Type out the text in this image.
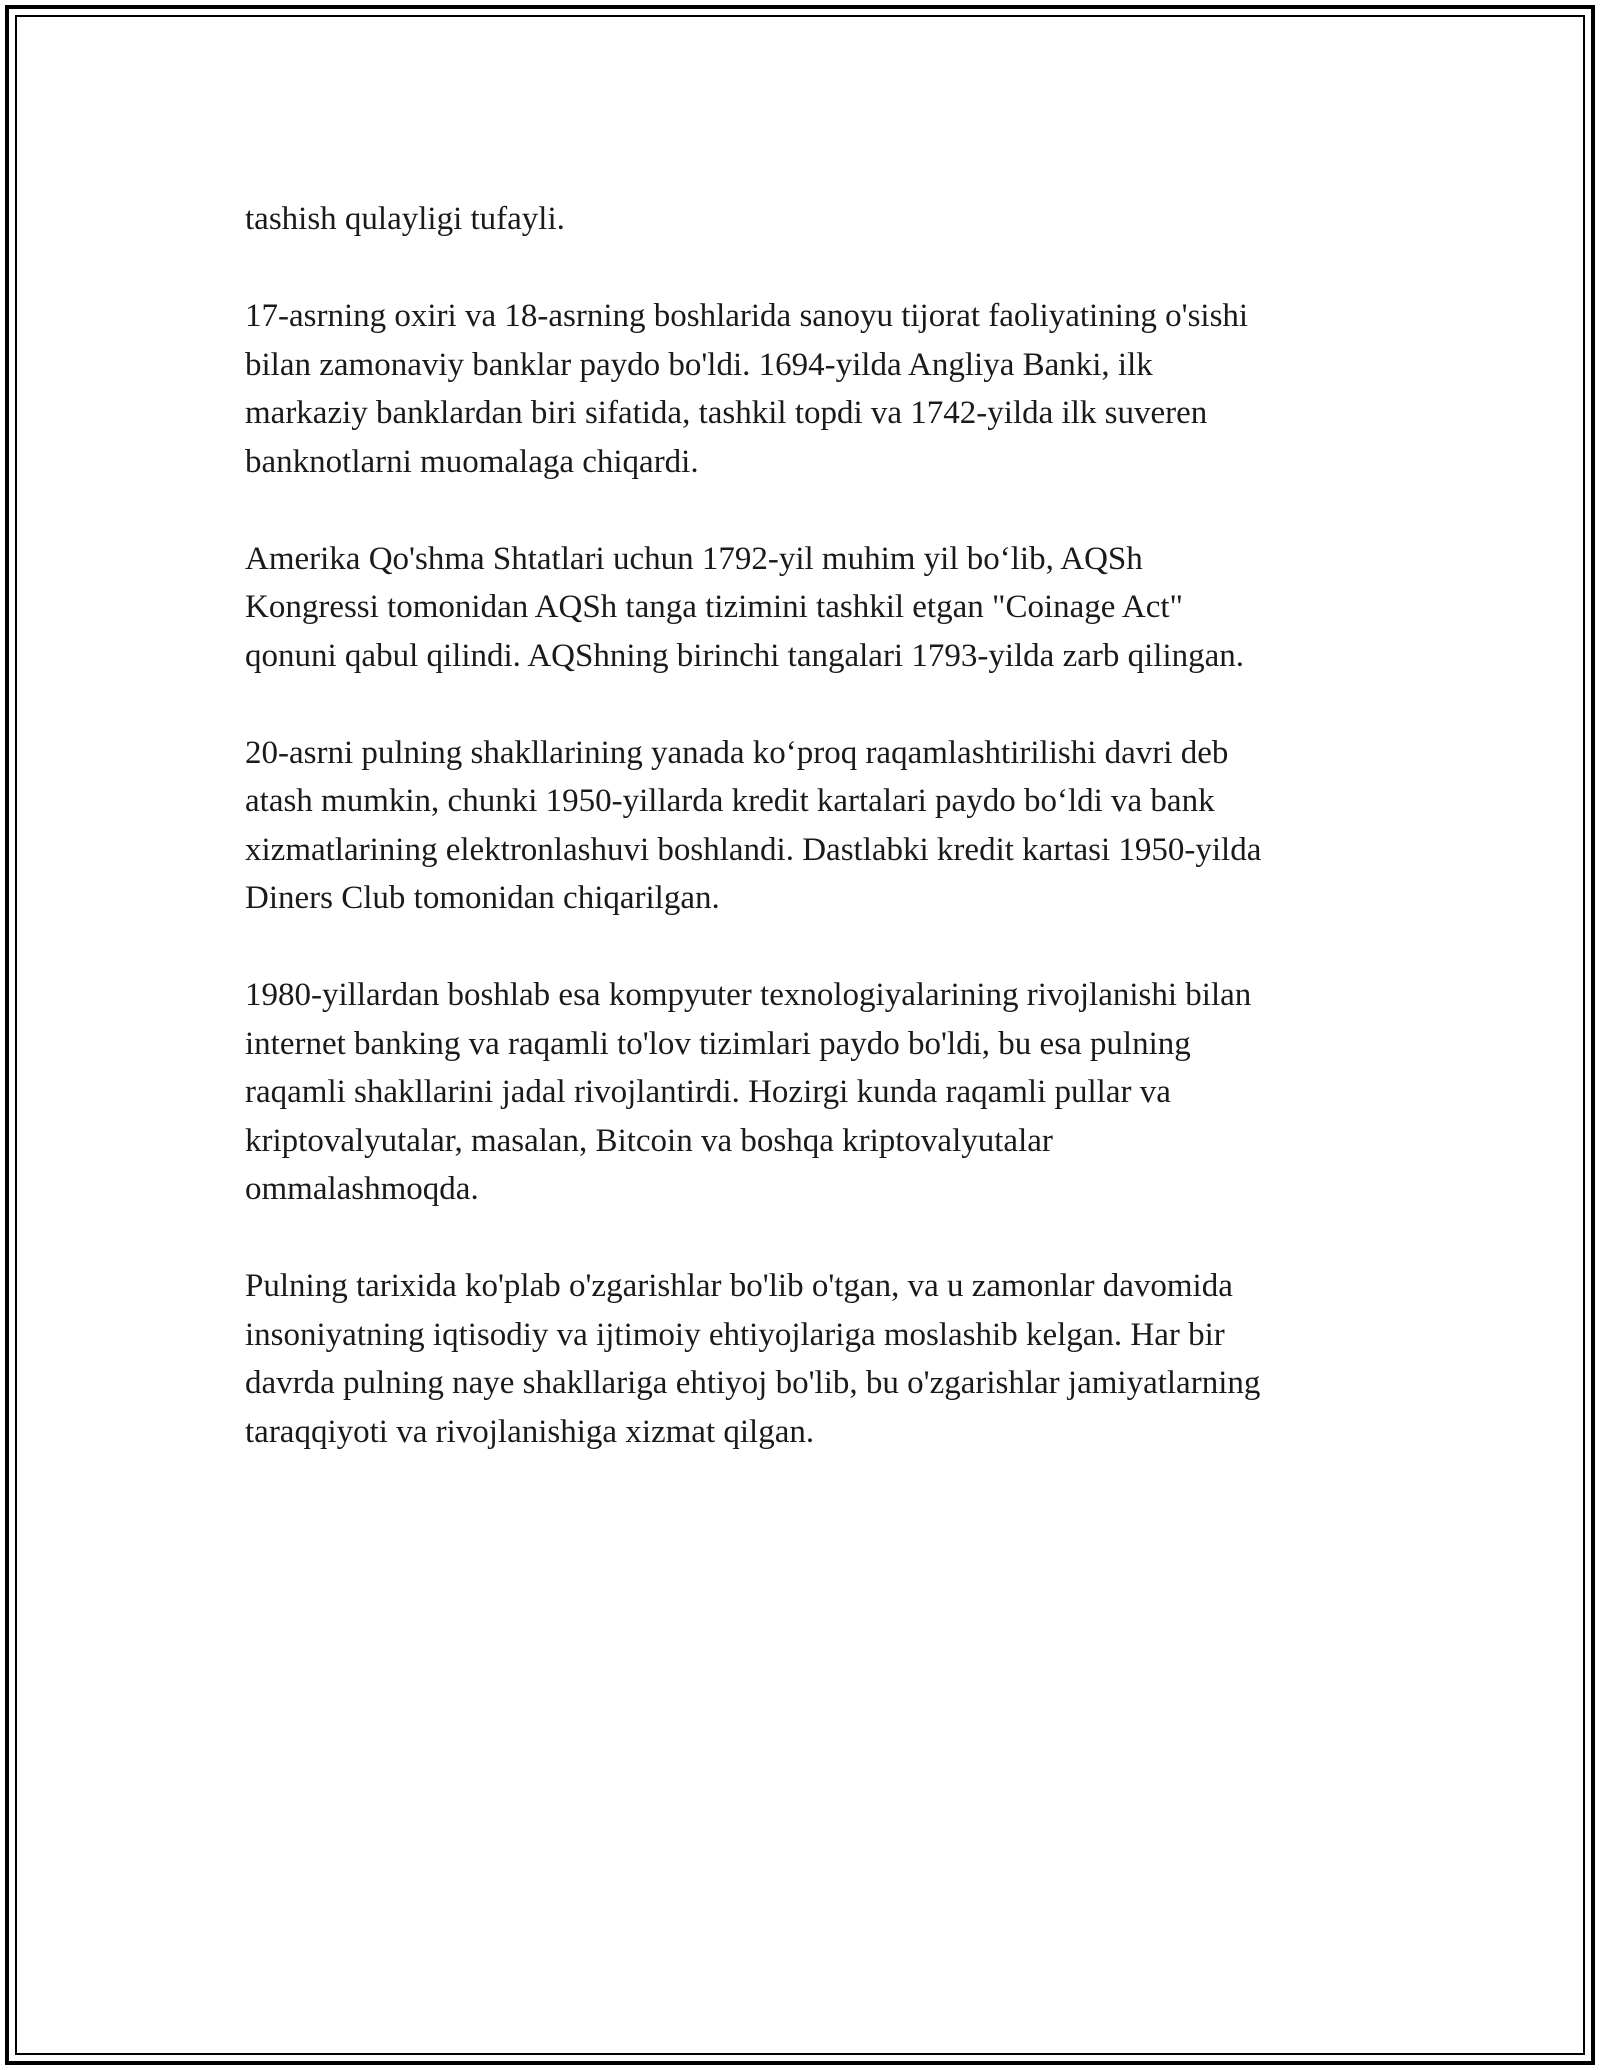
tashish qulayligi tufayli.

17-asrning oxiri va 18-asrning boshlarida sanoyu tijorat faoliyatining o'sishi
bilan zamonaviy banklar paydo bo'ldi. 1694-yilda Angliya Banki, ilk
markaziy banklardan biri sifatida, tashkil topdi va 1742-yilda ilk suveren
banknotlarni muomalaga chiqardi.

Amerika Qo'shma Shtatlari uchun 1792-yil muhim yil bo‘lib, AQSh
Kongressi tomonidan AQSh tanga tizimini tashkil etgan "Coinage Act"
qonuni qabul qilindi. AQShning birinchi tangalari 1793-yilda zarb qilingan.

20-asrni pulning shakllarining yanada ko‘proq raqamlashtirilishi davri deb
atash mumkin, chunki 1950-yillarda kredit kartalari paydo bo‘ldi va bank
xizmatlarining elektronlashuvi boshlandi. Dastlabki kredit kartasi 1950-yilda
Diners Club tomonidan chiqarilgan.

1980-yillardan boshlab esa kompyuter texnologiyalarining rivojlanishi bilan
internet banking va raqamli to'lov tizimlari paydo bo'ldi, bu esa pulning
raqamli shakllarini jadal rivojlantirdi. Hozirgi kunda raqamli pullar va
kriptovalyutalar, masalan, Bitcoin va boshqa kriptovalyutalar
ommalashmoqda.

Pulning tarixida ko'plab o'zgarishlar bo'lib o'tgan, va u zamonlar davomida
insoniyatning iqtisodiy va ijtimoiy ehtiyojlariga moslashib kelgan. Har bir
davrda pulning naye shakllariga ehtiyoj bo'lib, bu o'zgarishlar jamiyatlarning
taraqqiyoti va rivojlanishiga xizmat qilgan.
